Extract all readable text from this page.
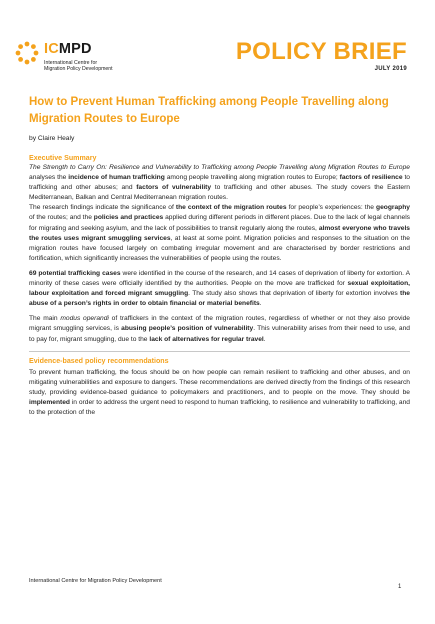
ICMPD
International Centre for
Migration Policy Development
POLICY BRIEF
JULY 2019
How to Prevent Human Trafficking among People Travelling along Migration Routes to Europe
by Claire Healy
Executive Summary

The Strength to Carry On: Resilience and Vulnerability to Trafficking among People Travelling along Migration Routes to Europe analyses the incidence of human trafficking among people travelling along migration routes to Europe; factors of resilience to trafficking and other abuses; and factors of vulnerability to trafficking and other abuses. The study covers the Eastern Mediterranean, Balkan and Central Mediterranean migration routes.

The research findings indicate the significance of the context of the migration routes for people’s experiences: the geography of the routes; and the policies and practices applied during different periods in different places. Due to the lack of legal channels for migrating and seeking asylum, and the lack of possibilities to transit regularly along the routes, almost everyone who travels the routes uses migrant smuggling services, at least at some point. Migration policies and responses to the situation on the migration routes have focused largely on combating irregular movement and are characterised by border restrictions and fortification, which significantly increases the vulnerabilities of people using the routes.

69 potential trafficking cases were identified in the course of the research, and 14 cases of deprivation of liberty for extortion. A minority of these cases were officially identified by the authorities. People on the move are trafficked for sexual exploitation, labour exploitation and forced migrant smuggling. The study also shows that deprivation of liberty for extortion involves the abuse of a person’s rights in order to obtain financial or material benefits.

The main modus operandi of traffickers in the context of the migration routes, regardless of whether or not they also provide migrant smuggling services, is abusing people’s position of vulnerability. This vulnerability arises from their need to use, and to pay for, migrant smuggling, due to the lack of alternatives for regular travel.

Evidence-based policy recommendations

To prevent human trafficking, the focus should be on how people can remain resilient to trafficking and other abuses, and on mitigating vulnerabilities and exposure to dangers. These recommendations are derived directly from the findings of this research study, providing evidence-based guidance to policymakers and practitioners, and to people on the move. They should be implemented in order to address the urgent need to respond to human trafficking, to resilience and vulnerability to trafficking, and to the protection of the

International Centre for Migration Policy Development
1
